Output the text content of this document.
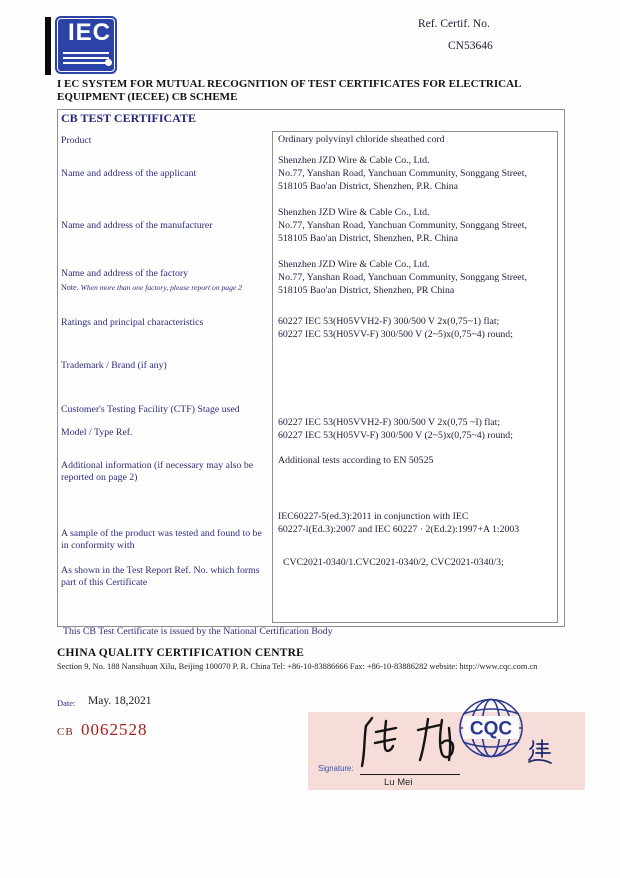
IEC	Ref. Certif. No.
CN53646
I EC SYSTEM FOR MUTUAL RECOGNITION OF TEST CERTIFICATES FOR ELECTRICAL EQUIPMENT (IECEE) CB SCHEME
CB TEST CERTIFICATE
Product
Name and address of the applicant
Name and address of the manufacturer
Name and address of the factory
Note. When more than one factory, please report on page 2
Ratings and principal characteristics
Trademark / Brand (if any)
Customer's Testing Facility (CTF) Stage used
Model / Type Ref.
Additional information (if necessary may also be reported on page 2)
A sample of the product was tested and found to be in conformity with
As shown in the Test Report Ref. No. which forms part of this Certificate
Ordinary polyvinyl chloride sheathed cord
Shenzhen JZD Wire & Cable Co., Ltd.
No.77, Yanshan Road, Yanchuan Community, Songgang Street,
518105 Bao'an District, Shenzhen, P.R. China
Shenzhen JZD Wire & Cable Co., Ltd.
No.77, Yanshan Road, Yanchuan Community, Songgang Street,
518105 Bao'an District, Shenzhen, P.R. China
Shenzhen JZD Wire & Cable Co., Ltd.
No.77, Yanshan Road, Yanchuan Community, Songgang Street,
518105 Bao'an District, Shenzhen, PR China
60227 IEC 53(H05VVH2-F) 300/500 V 2x(0,75~1) flat;
60227 IEC 53(H05VV-F) 300/500 V (2~5)x(0,75~4) round;
60227 IEC 53(H05VVH2-F) 300/500 V 2x(0,75 ~I) flat;
60227 IEC 53(H05VV-F) 300/500 V (2~5)x(0,75~4) round;
Additional tests according to EN 50525
IEC60227-5(ed.3):2011 in conjunction with IEC
60227-l(Ed.3):2007 and IEC 60227 · 2(Ed.2):1997+A 1:2003
CVC2021-0340/1.CVC2021-0340/2, CVC2021-0340/3;
This CB Test Certificate is issued by the National Certification Body
CHINA QUALITY CERTIFICATION CENTRE
Section 9, No. 188 Nansihuan Xilu, Beijing 100070 P. R. China Tel: +86-10-83886666 Fax: +86-10-83886282 website: http://www.cqc.com.cn
Date: May. 18,2021
CB 0062528
Signature:
Lu Mei
CQC
